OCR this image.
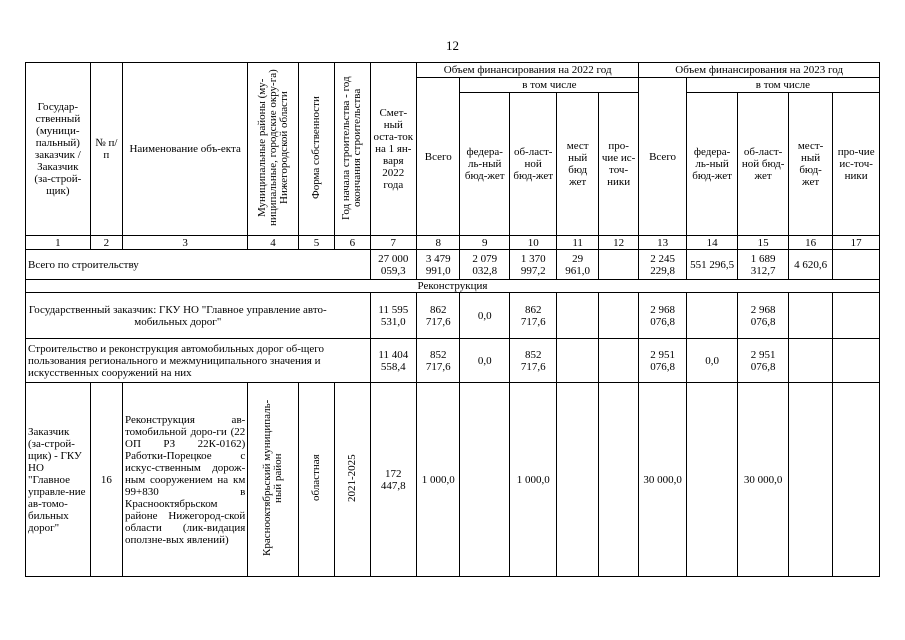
12
Государ-ственный (муници-пальный) заказчик / Заказчик (за-строй-щик)	№ п/п	Наименование объ-екта	Муниципальные районы (му-ниципальные, городские окру-га) Нижегородской области	Форма собственности	Год начала строительства - год окончания строительства	Смет-ный оста-ток на 1 ян-варя 2022 года	Объем финансирования на 2022 год					Объем финансирования на 2023 год				
							Всего	в том числе				Всего	в том числе			
								федера-ль-ный бюд-жет	об-ласт-ной бюд-жет	мест ный бюд жет	про-чие ис-точ-ники		федера-ль-ный бюд-жет	об-ласт-ной бюд-жет	мест-ный бюд-жет	про-чие ис-точ-ники
1	2	3	4	5	6	7	8	9	10	11	12	13	14	15	16	17
Всего по строительству						27 000 059,3	3 479 991,0	2 079 032,8	1 370 997,2	29 961,0		2 245 229,8	551 296,5	1 689 312,7	4 620,6	
Реконструкция																
Государственный заказчик: ГКУ НО "Главное управление авто-мобильных дорог"						11 595 531,0	862 717,6	0,0	862 717,6			2 968 076,8		2 968 076,8		
Строительство и реконструкция автомобильных дорог об-щего пользования регионального и межмуниципального значения и искусственных сооружений на них						11 404 558,4	852 717,6	0,0	852 717,6			2 951 076,8	0,0	2 951 076,8		
Заказчик (за-строй-щик) - ГКУ НО "Главное управле-ние ав-томо-бильных дорог"	16	Реконструкция ав-томобильной доро-ги (22 ОП РЗ 22К-0162) Работки-Порецкое с искус-ственным дорож-ным сооружением на км 99+830 в Краснооктябрьском районе Нижегород-ской области (лик-видация оползне-вых явлений)	Краснооктябрьский муниципаль-ный район	областная	2021-2025	172 447,8	1 000,0		1 000,0			30 000,0		30 000,0		
